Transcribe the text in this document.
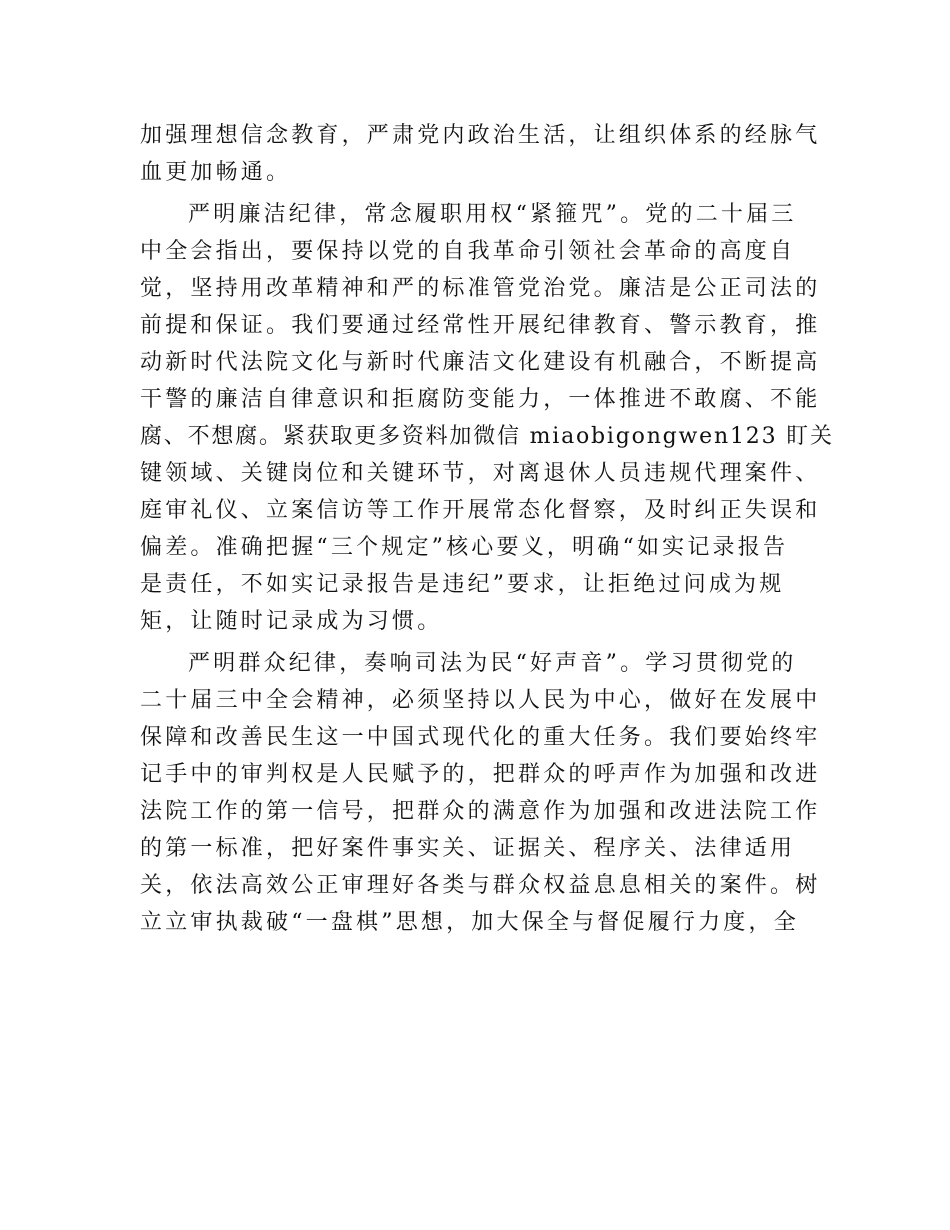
加强理想信念教育，严肃党内政治生活，让组织体系的经脉气
血更加畅通。

严明廉洁纪律，常念履职用权“紧箍咒”。党的二十届三
中全会指出，要保持以党的自我革命引领社会革命的高度自
觉，坚持用改革精神和严的标准管党治党。廉洁是公正司法的
前提和保证。我们要通过经常性开展纪律教育、警示教育，推
动新时代法院文化与新时代廉洁文化建设有机融合，不断提高
干警的廉洁自律意识和拒腐防变能力，一体推进不敢腐、不能
腐、不想腐。紧获取更多资料加微信 miaobigongwen123 盯关
键领域、关键岗位和关键环节，对离退休人员违规代理案件、
庭审礼仪、立案信访等工作开展常态化督察，及时纠正失误和
偏差。准确把握“三个规定”核心要义，明确“如实记录报告
是责任，不如实记录报告是违纪”要求，让拒绝过问成为规
矩，让随时记录成为习惯。

严明群众纪律，奏响司法为民“好声音”。学习贯彻党的
二十届三中全会精神，必须坚持以人民为中心，做好在发展中
保障和改善民生这一中国式现代化的重大任务。我们要始终牢
记手中的审判权是人民赋予的，把群众的呼声作为加强和改进
法院工作的第一信号，把群众的满意作为加强和改进法院工作
的第一标准，把好案件事实关、证据关、程序关、法律适用
关，依法高效公正审理好各类与群众权益息息相关的案件。树
立立审执裁破“一盘棋”思想，加大保全与督促履行力度，全
